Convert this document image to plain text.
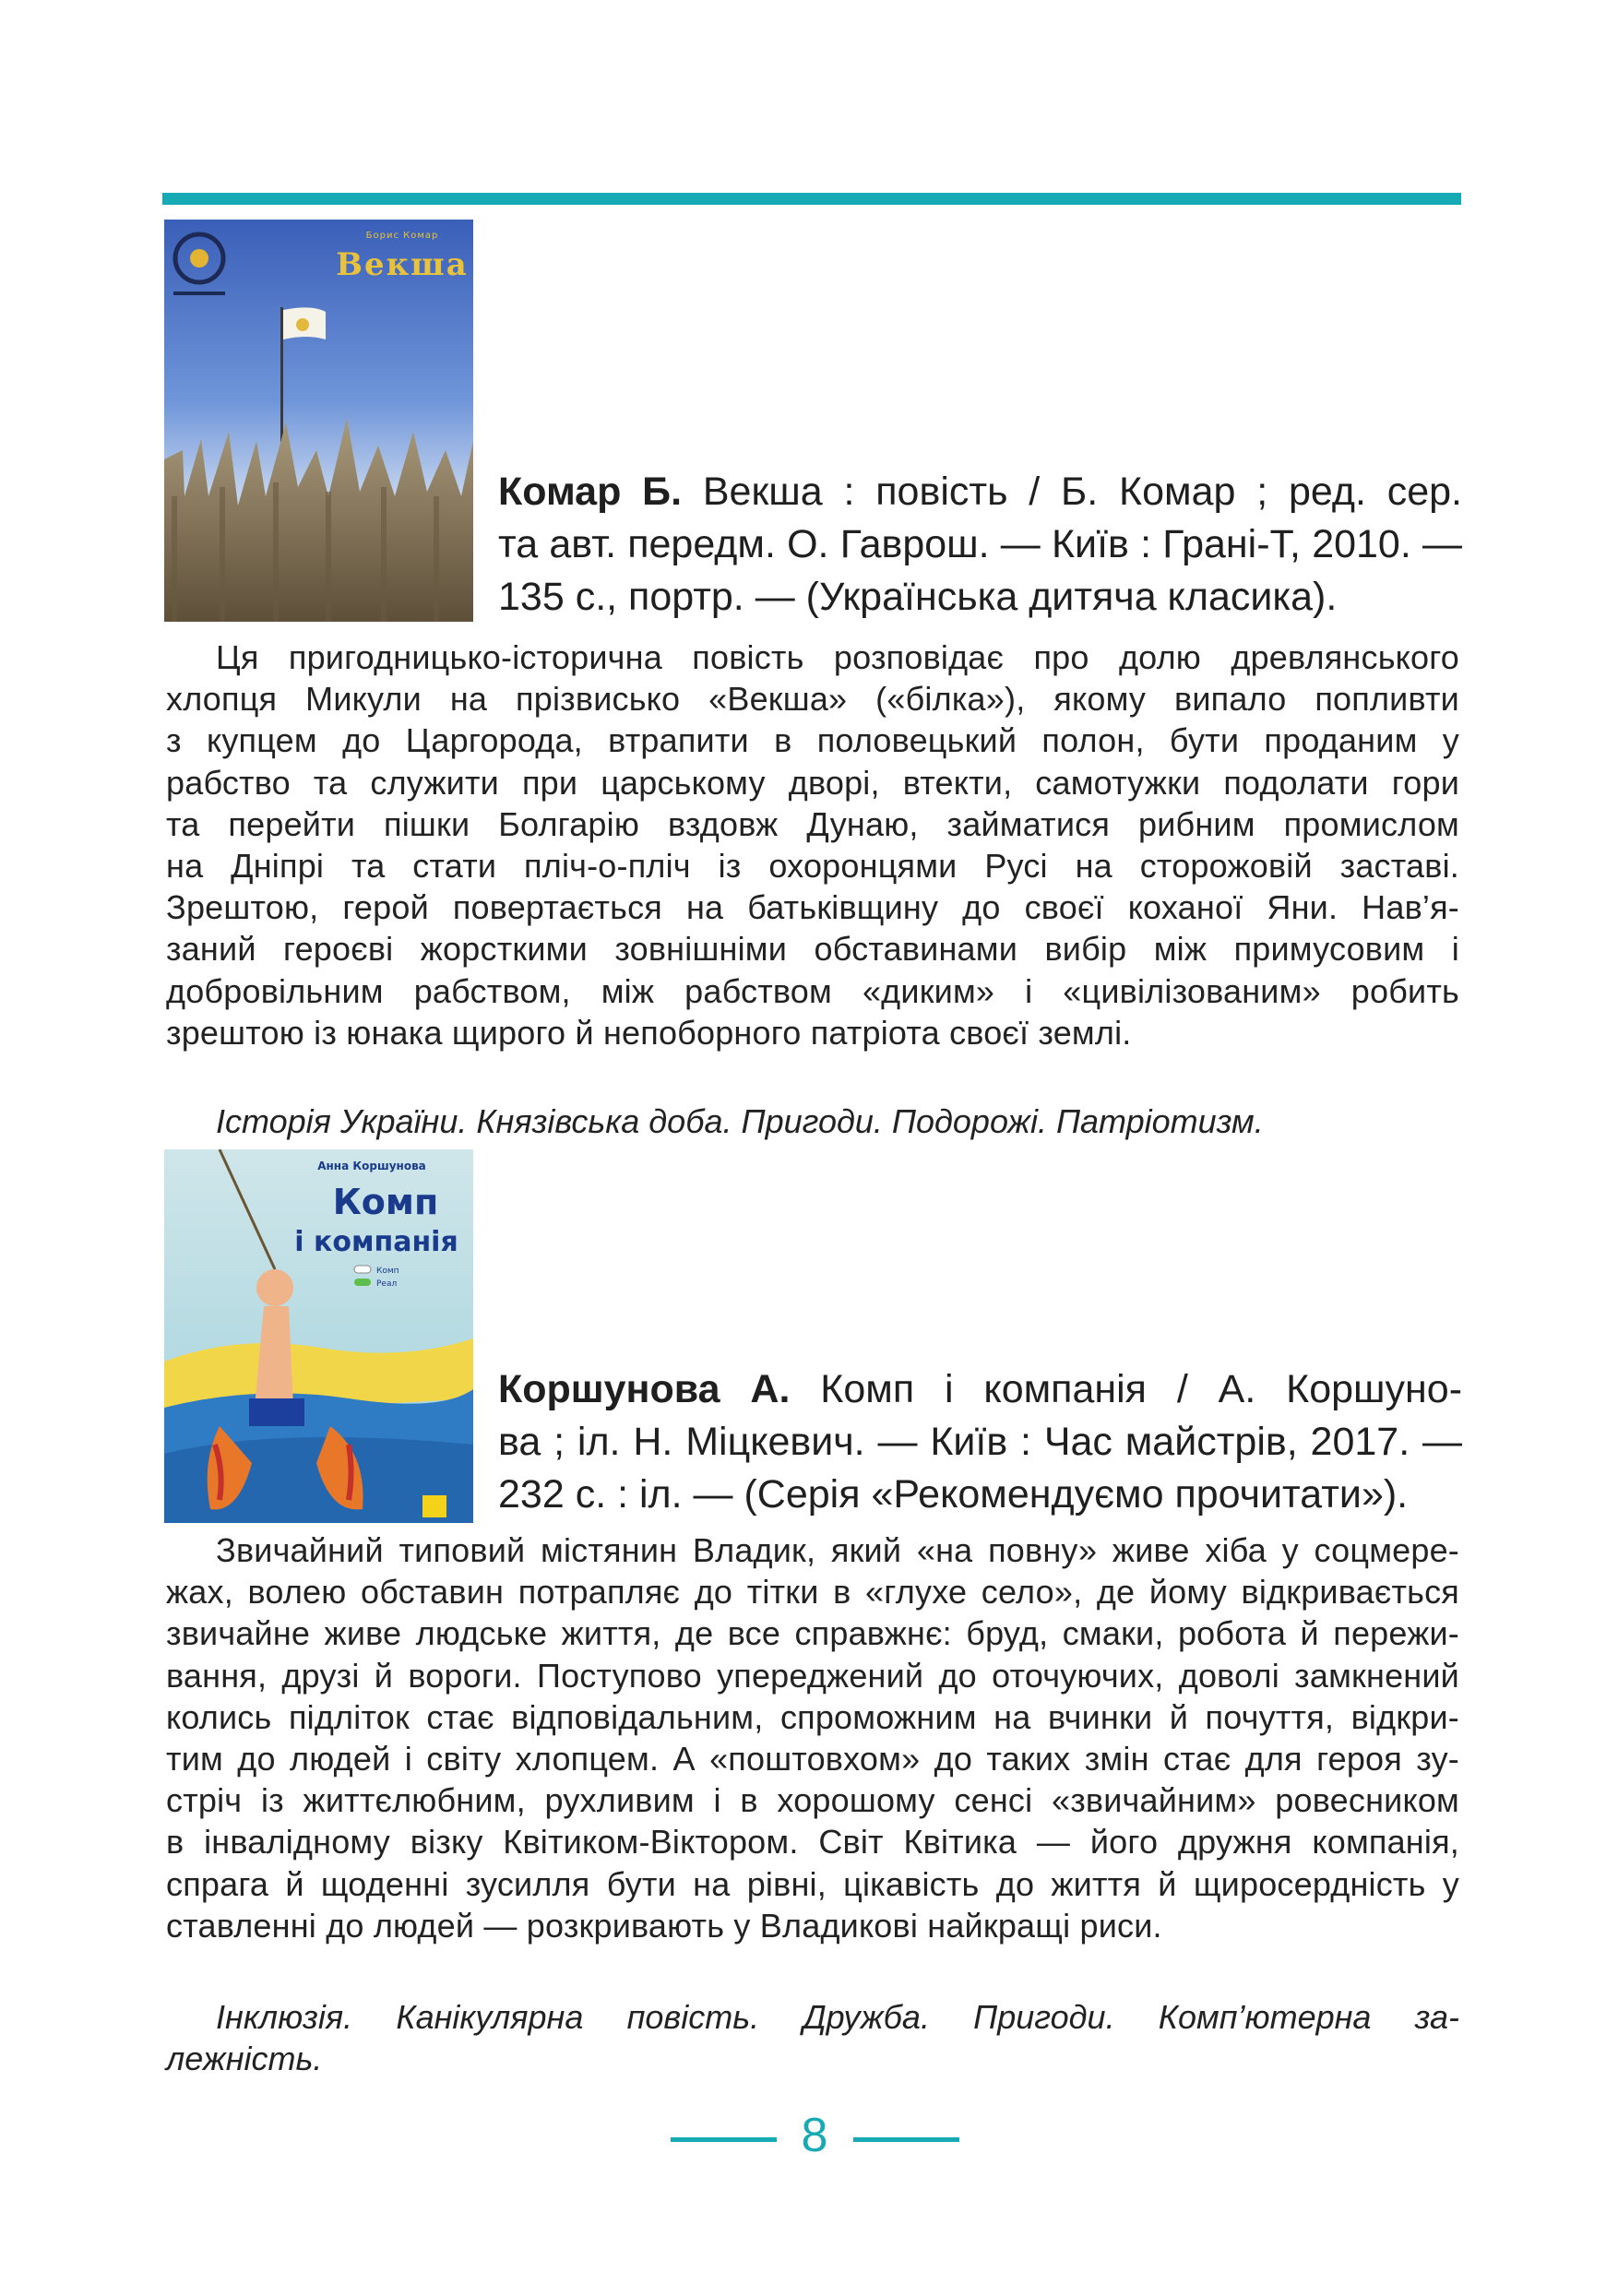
Борис Комар
Векша
Комар Б. Векша : повість / Б. Комар ; ред. сер.
та авт. передм. О. Гаврош. — Київ : Грані-Т, 2010. —
135 с., портр. — (Українська дитяча класика).
Ця пригодницько-історична повість розповідає про долю древлянського
хлопця Микули на прізвисько «Векша» («білка»), якому випало попливти
з купцем до Царгорода, втрапити в половецький полон, бути проданим у
рабство та служити при царському дворі, втекти, самотужки подолати гори
та перейти пішки Болгарію вздовж Дунаю, займатися рибним промислом
на Дніпрі та стати пліч-о-пліч із охоронцями Русі на сторожовій заставі.
Зрештою, герой повертається на батьківщину до своєї коханої Яни. Нав’я-
заний героєві жорсткими зовнішніми обставинами вибір між примусовим і
добровільним рабством, між рабством «диким» і «цивілізованим» робить
зрештою із юнака щирого й непоборного патріота своєї землі.
Історія України. Князівська доба. Пригоди. Подорожі. Патріотизм.
Анна Коршунова
Комп
і компанія
Комп
Реал
Коршунова А. Комп і компанія / А. Коршуно-
ва ; іл. Н. Міцкевич. — Київ : Час майстрів, 2017. —
232 с. : іл. — (Серія «Рекомендуємо прочитати»).
Звичайний типовий містянин Владик, який «на повну» живе хіба у соцмере-
жах, волею обставин потрапляє до тітки в «глухе село», де йому відкривається
звичайне живе людське життя, де все справжнє: бруд, смаки, робота й пережи-
вання, друзі й вороги. Поступово упереджений до оточуючих, доволі замкнений
колись підліток стає відповідальним, спроможним на вчинки й почуття, відкри-
тим до людей і світу хлопцем. А «поштовхом» до таких змін стає для героя зу-
стріч із життєлюбним, рухливим і в хорошому сенсі «звичайним» ровесником
в інвалідному візку Квітиком-Віктором. Світ Квітика — його дружня компанія,
спрага й щоденні зусилля бути на рівні, цікавість до життя й щиросердність у
ставленні до людей — розкривають у Владикові найкращі риси.
Інклюзія. Канікулярна повість. Дружба. Пригоди. Комп’ютерна за-
лежність.
8
